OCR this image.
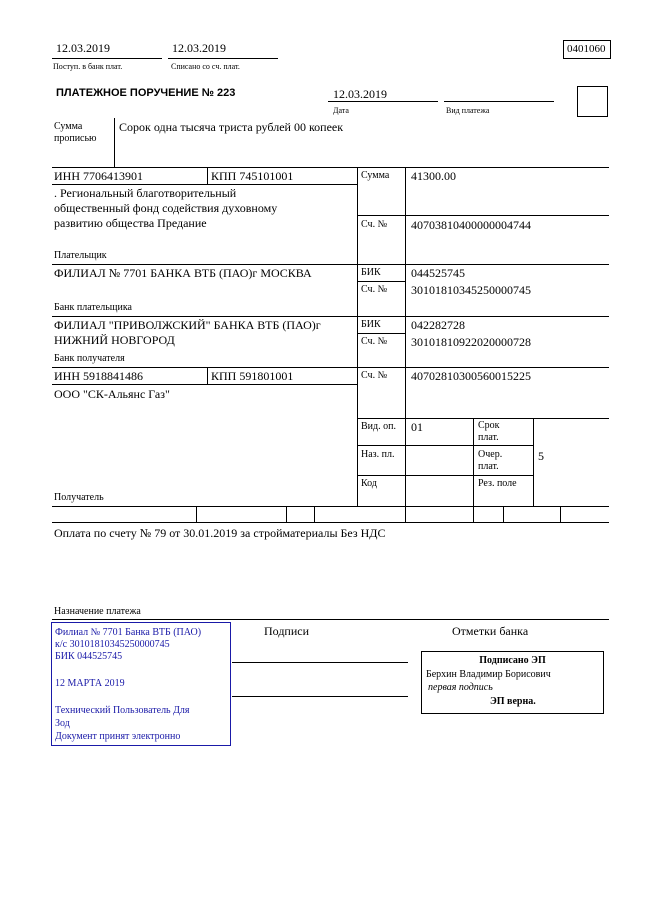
12.03.2019
Поступ. в банк плат.
12.03.2019
Списано со сч. плат.
0401060
ПЛАТЕЖНОЕ ПОРУЧЕНИЕ № 223	12.03.2019
Дата	Вид платежа
Сумма
прописью
Сорок одна тысяча триста рублей 00 копеек
ИНН 7706413901	КПП 745101001
. Региональный благотворительный
общественный фонд содействия духовному
развитию общества Предание
Плательщик
Сумма 41300.00
Сч. № 40703810400000004744
ФИЛИАЛ № 7701 БАНКА ВТБ (ПАО)г МОСКВА
Банк плательщика
БИК	044525745
Сч. № 30101810345250000745
ФИЛИАЛ "ПРИВОЛЖСКИЙ" БАНКА ВТБ (ПАО)г
НИЖНИЙ НОВГОРОД
Банк получателя
БИК	042282728
Сч. № 30101810922020000728
ИНН 5918841486	КПП 591801001
ООО "СК-Альянс Газ"
Получатель
Сч. № 40702810300560015225
Вид. оп. 01	Срок
плат.
Наз. пл.	Очер.
плат.
5
Код	Рез. поле
Оплата по счету № 79 от 30.01.2019 за стройматериалы Без НДС
Назначение платежа
Подписи	Отметки банка
Филиал № 7701 Банка ВТБ (ПАО)
к/с 30101810345250000745
БИК 044525745
12 МАРТА 2019
Технический Пользователь Для
Зод
Документ принят электронно
Подписано ЭП
Берхин Владимир Борисович
первая подпись
ЭП верна.
